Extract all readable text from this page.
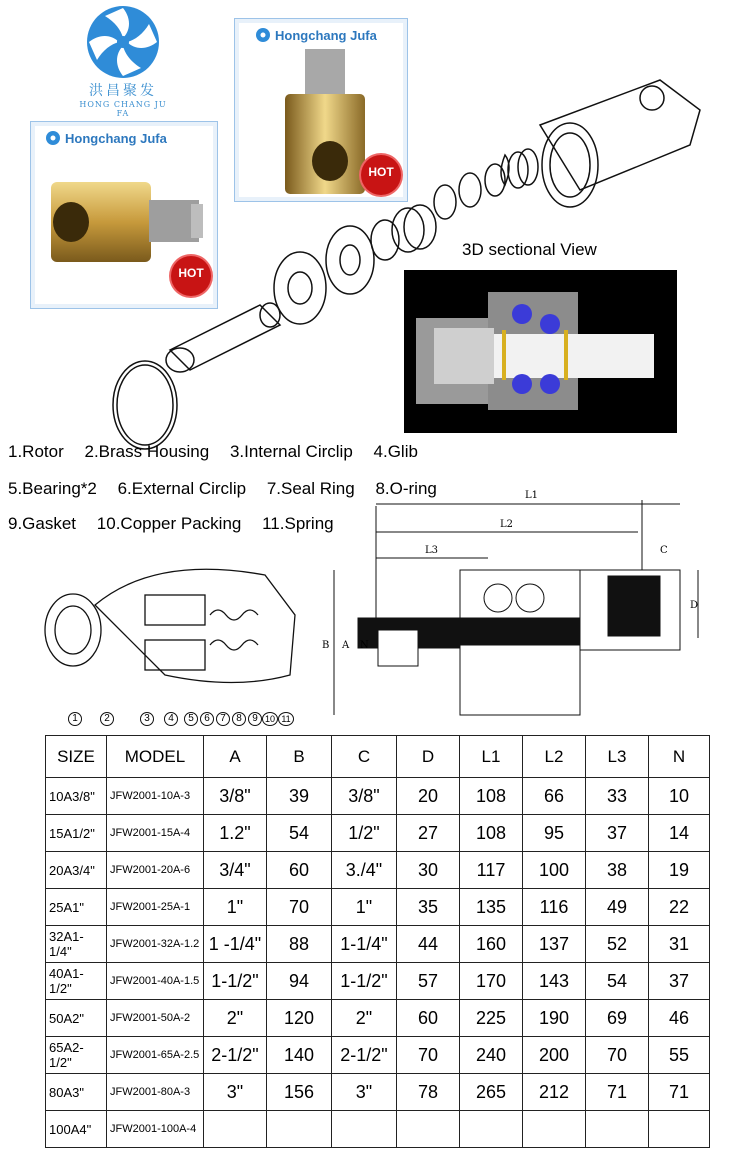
洪昌聚发
HONG CHANG JU FA
Hongchang Jufa
HOT
Hongchang Jufa
HOT
3D sectional View
1.Rotor 2.Brass Housing 3.Internal Circlip 4.Glib
5.Bearing*2 6.External Circlip 7.Seal Ring 8.O-ring
9.Gasket 10.Copper Packing 11.Spring
1	2	3	4	5	6	7	8	9 10 11
L1
L2
L3	C
D
B A N
SIZE	MODEL	A	B	C	D	L1	L2	L3	N
10A3/8"	JFW2001-10A-3	3/8"	39	3/8"	20	108	66	33	10
15A1/2"	JFW2001-15A-4	1.2"	54	1/2"	27	108	95	37	14
20A3/4"	JFW2001-20A-6	3/4"	60	3./4"	30	117	100	38	19
25A1"	JFW2001-25A-1	1"	70	1"	35	135	116	49	22
32A1-1/4"	JFW2001-32A-1.2	1 -1/4"	88	1-1/4"	44	160	137	52	31
40A1-1/2"	JFW2001-40A-1.5	1-1/2"	94	1-1/2"	57	170	143	54	37
50A2"	JFW2001-50A-2	2"	120	2"	60	225	190	69	46
65A2-1/2"	JFW2001-65A-2.5	2-1/2"	140	2-1/2"	70	240	200	70	55
80A3"	JFW2001-80A-3	3"	156	3"	78	265	212	71	71
100A4"	JFW2001-100A-4								
